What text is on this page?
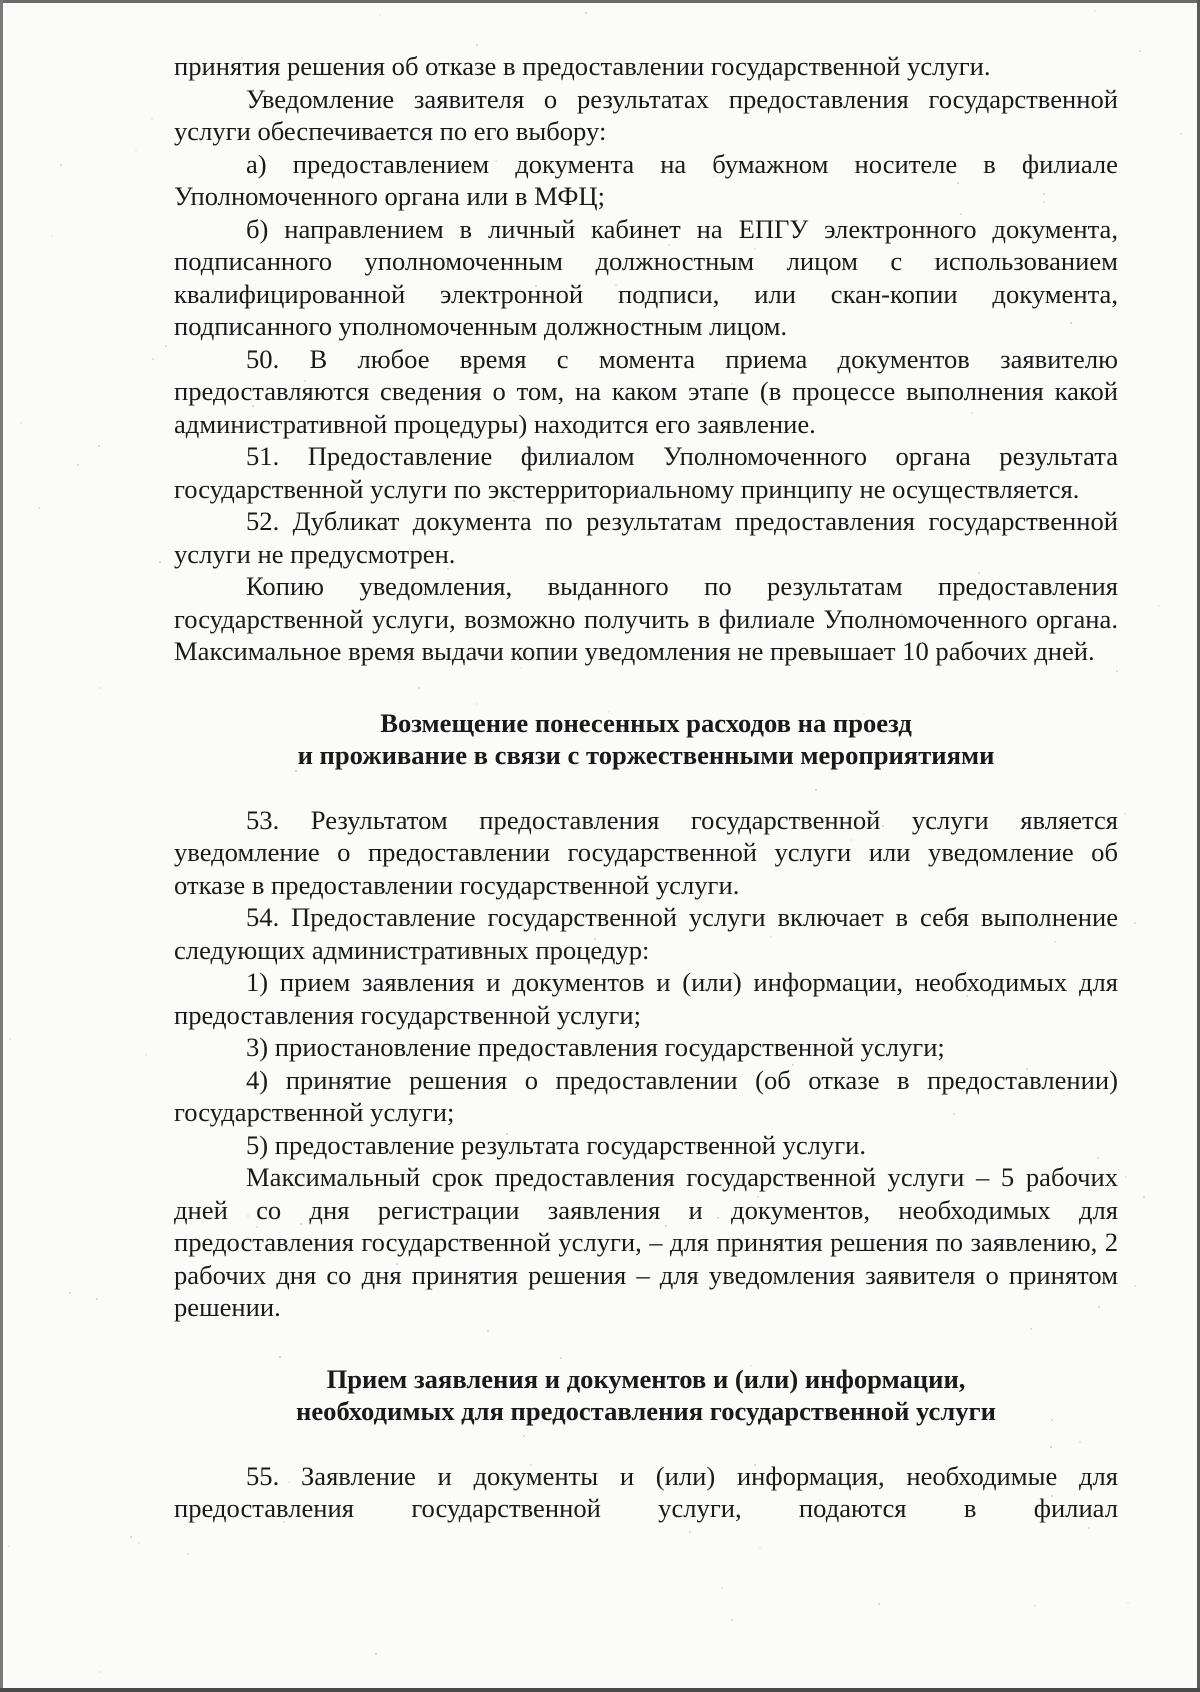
принятия решения об отказе в предоставлении государственной услуги.

Уведомление заявителя о результатах предоставления государственной услуги обеспечивается по его выбору:

а) предоставлением документа на бумажном носителе в филиале Уполномоченного органа или в МФЦ;

б) направлением в личный кабинет на ЕПГУ электронного документа, подписанного уполномоченным должностным лицом с использованием квалифицированной электронной подписи, или скан-копии документа, подписанного уполномоченным должностным лицом.

50. В любое время с момента приема документов заявителю предоставляются сведения о том, на каком этапе (в процессе выполнения какой административной процедуры) находится его заявление.

51. Предоставление филиалом Уполномоченного органа результата государственной услуги по экстерриториальному принципу не осуществляется.

52. Дубликат документа по результатам предоставления государственной услуги не предусмотрен.

Копию уведомления, выданного по результатам предоставления государственной услуги, возможно получить в филиале Уполномоченного органа. Максимальное время выдачи копии уведомления не превышает 10 рабочих дней.

Возмещение понесенных расходов на проезд
и проживание в связи с торжественными мероприятиями

53. Результатом предоставления государственной услуги является уведомление о предоставлении государственной услуги или уведомление об отказе в предоставлении государственной услуги.

54. Предоставление государственной услуги включает в себя выполнение следующих административных процедур:

1) прием заявления и документов и (или) информации, необходимых для предоставления государственной услуги;

3) приостановление предоставления государственной услуги;

4) принятие решения о предоставлении (об отказе в предоставлении) государственной услуги;

5) предоставление результата государственной услуги.

Максимальный срок предоставления государственной услуги – 5 рабочих дней со дня регистрации заявления и документов, необходимых для предоставления государственной услуги, – для принятия решения по заявлению, 2 рабочих дня со дня принятия решения – для уведомления заявителя о принятом решении.

Прием заявления и документов и (или) информации,
необходимых для предоставления государственной услуги

55. Заявление и документы и (или) информация, необходимые для предоставления государственной услуги, подаются в филиал
